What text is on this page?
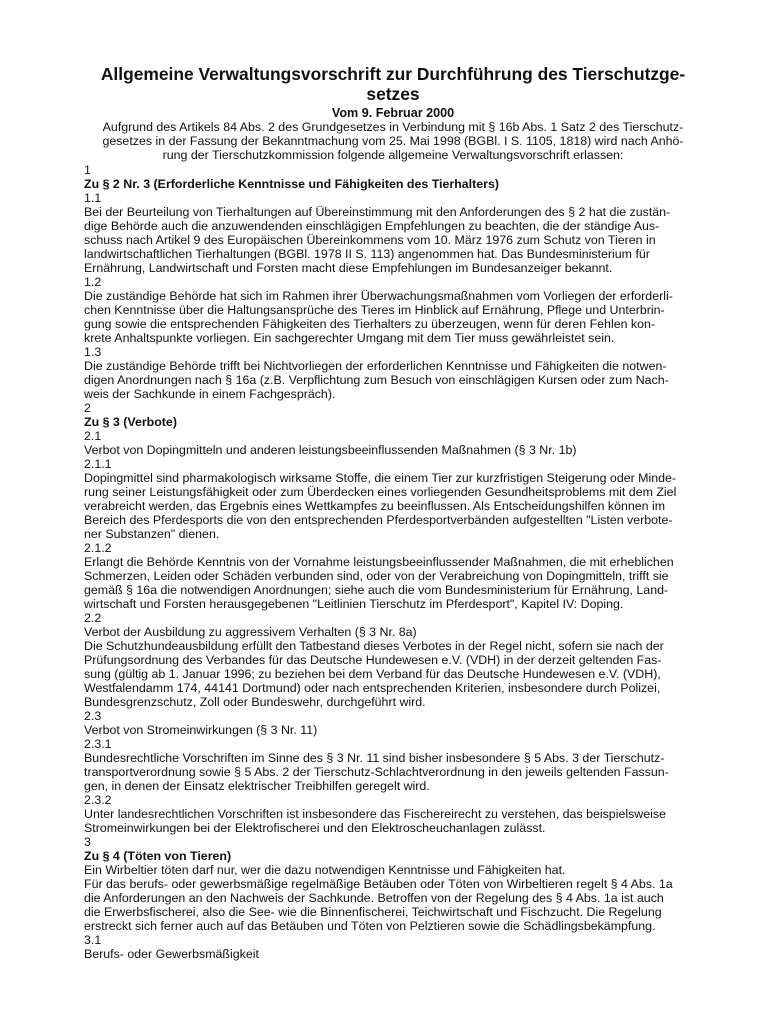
Allgemeine Verwaltungsvorschrift zur Durchführung des Tierschutzge-
setzes
Vom 9. Februar 2000
Aufgrund des Artikels 84 Abs. 2 des Grundgesetzes in Verbindung mit § 16b Abs. 1 Satz 2 des Tierschutz-
gesetzes in der Fassung der Bekanntmachung vom 25. Mai 1998 (BGBl. I S. 1105, 1818) wird nach Anhö-
rung der Tierschutzkommission folgende allgemeine Verwaltungsvorschrift erlassen:
1
Zu § 2 Nr. 3 (Erforderliche Kenntnisse und Fähigkeiten des Tierhalters)
1.1
Bei der Beurteilung von Tierhaltungen auf Übereinstimmung mit den Anforderungen des § 2 hat die zustän-
dige Behörde auch die anzuwendenden einschlägigen Empfehlungen zu beachten, die der ständige Aus-
schuss nach Artikel 9 des Europäischen Übereinkommens vom 10. März 1976 zum Schutz von Tieren in
landwirtschaftlichen Tierhaltungen (BGBl. 1978 II S. 113) angenommen hat. Das Bundesministerium für
Ernährung, Landwirtschaft und Forsten macht diese Empfehlungen im Bundesanzeiger bekannt.
1.2
Die zuständige Behörde hat sich im Rahmen ihrer Überwachungsmaßnahmen vom Vorliegen der erforderli-
chen Kenntnisse über die Haltungsansprüche des Tieres im Hinblick auf Ernährung, Pflege und Unterbrin-
gung sowie die entsprechenden Fähigkeiten des Tierhalters zu überzeugen, wenn für deren Fehlen kon-
krete Anhaltspunkte vorliegen. Ein sachgerechter Umgang mit dem Tier muss gewährleistet sein.
1.3
Die zuständige Behörde trifft bei Nichtvorliegen der erforderlichen Kenntnisse und Fähigkeiten die notwen-
digen Anordnungen nach § 16a (z.B. Verpflichtung zum Besuch von einschlägigen Kursen oder zum Nach-
weis der Sachkunde in einem Fachgespräch).
2
Zu § 3 (Verbote)
2.1
Verbot von Dopingmitteln und anderen leistungsbeeinflussenden Maßnahmen (§ 3 Nr. 1b)
2.1.1
Dopingmittel sind pharmakologisch wirksame Stoffe, die einem Tier zur kurzfristigen Steigerung oder Minde-
rung seiner Leistungsfähigkeit oder zum Überdecken eines vorliegenden Gesundheitsproblems mit dem Ziel
verabreicht werden, das Ergebnis eines Wettkampfes zu beeinflussen. Als Entscheidungshilfen können im
Bereich des Pferdesports die von den entsprechenden Pferdesportverbänden aufgestellten "Listen verbote-
ner Substanzen" dienen.
2.1.2
Erlangt die Behörde Kenntnis von der Vornahme leistungsbeeinflussender Maßnahmen, die mit erheblichen
Schmerzen, Leiden oder Schäden verbunden sind, oder von der Verabreichung von Dopingmitteln, trifft sie
gemäß § 16a die notwendigen Anordnungen; siehe auch die vom Bundesministerium für Ernährung, Land-
wirtschaft und Forsten herausgegebenen "Leitlinien Tierschutz im Pferdesport", Kapitel IV: Doping.
2.2
Verbot der Ausbildung zu aggressivem Verhalten (§ 3 Nr. 8a)
Die Schutzhundeausbildung erfüllt den Tatbestand dieses Verbotes in der Regel nicht, sofern sie nach der
Prüfungsordnung des Verbandes für das Deutsche Hundewesen e.V. (VDH) in der derzeit geltenden Fas-
sung (gültig ab 1. Januar 1996; zu beziehen bei dem Verband für das Deutsche Hundewesen e.V. (VDH),
Westfalendamm 174, 44141 Dortmund) oder nach entsprechenden Kriterien, insbesondere durch Polizei,
Bundesgrenzschutz, Zoll oder Bundeswehr, durchgeführt wird.
2.3
Verbot von Stromeinwirkungen (§ 3 Nr. 11)
2.3.1
Bundesrechtliche Vorschriften im Sinne des § 3 Nr. 11 sind bisher insbesondere § 5 Abs. 3 der Tierschutz-
transportverordnung sowie § 5 Abs. 2 der Tierschutz-Schlachtverordnung in den jeweils geltenden Fassun-
gen, in denen der Einsatz elektrischer Treibhilfen geregelt wird.
2.3.2
Unter landesrechtlichen Vorschriften ist insbesondere das Fischereirecht zu verstehen, das beispielsweise
Stromeinwirkungen bei der Elektrofischerei und den Elektroscheuchanlagen zulässt.
3
Zu § 4 (Töten von Tieren)
Ein Wirbeltier töten darf nur, wer die dazu notwendigen Kenntnisse und Fähigkeiten hat.
Für das berufs- oder gewerbsmäßige regelmäßige Betäuben oder Töten von Wirbeltieren regelt § 4 Abs. 1a
die Anforderungen an den Nachweis der Sachkunde. Betroffen von der Regelung des § 4 Abs. 1a ist auch
die Erwerbsfischerei, also die See- wie die Binnenfischerei, Teichwirtschaft und Fischzucht. Die Regelung
erstreckt sich ferner auch auf das Betäuben und Töten von Pelztieren sowie die Schädlingsbekämpfung.
3.1
Berufs- oder Gewerbsmäßigkeit
